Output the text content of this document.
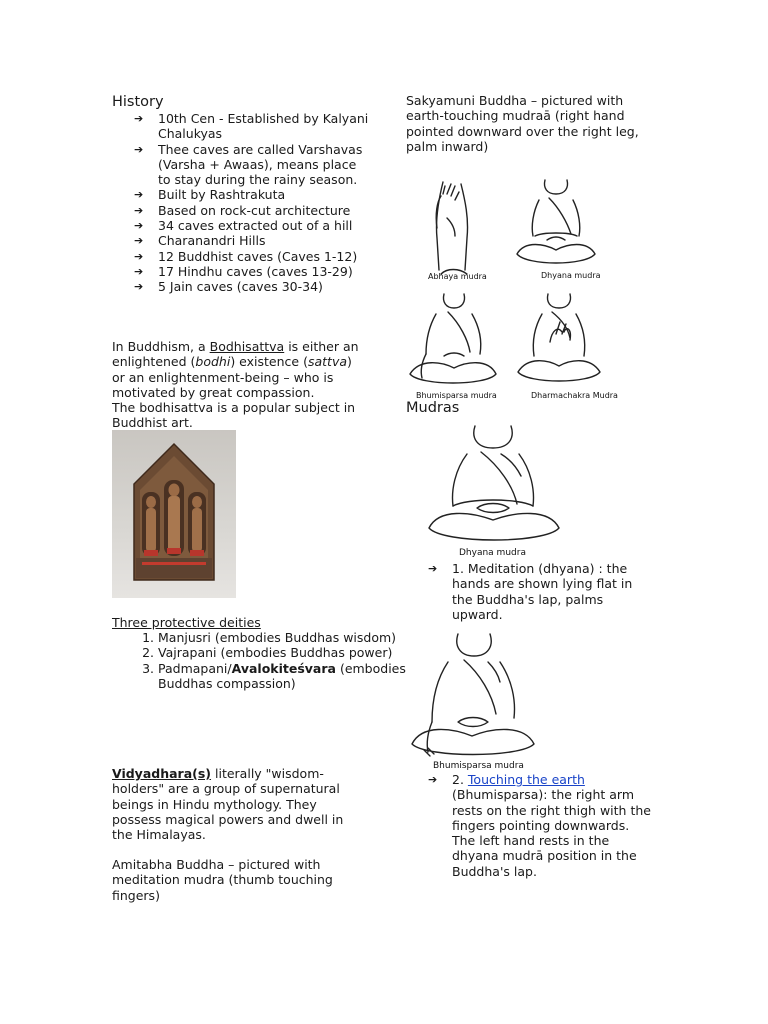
History
➔ 10th Cen - Established by Kalyani Chalukyas
➔ Thee caves are called Varshavas (Varsha + Awaas), means place to stay during the rainy season.
➔ Built by Rashtrakuta
➔ Based on rock-cut architecture
➔ 34 caves extracted out of a hill
➔ Charanandri Hills
➔ 12 Buddhist caves (Caves 1-12)
➔ 17 Hindhu caves (caves 13-29)
➔ 5 Jain caves (caves 30-34)
In Buddhism, a Bodhisattva is either an enlightened (bodhi) existence (sattva) or an enlightenment-being – who is motivated by great compassion.
The bodhisattva is a popular subject in Buddhist art.
Three protective deities
1. Manjusri (embodies Buddhas wisdom)
2. Vajrapani (embodies Buddhas power)
3. Padmapani/Avalokiteśvara (embodies Buddhas compassion)
Vidyadhara(s) literally "wisdom-holders" are a group of supernatural beings in Hindu mythology. They possess magical powers and dwell in the Himalayas.
Amitabha Buddha – pictured with meditation mudra (thumb touching fingers)
Sakyamuni Buddha – pictured with earth-touching mudraā (right hand pointed downward over the right leg, palm inward)
Abhaya mudra	Dhyana mudra
Bhumisparsa mudra	Dharmachakra Mudra
Mudras
Dhyana mudra
➔ 1. Meditation (dhyana) : the hands are shown lying flat in the Buddha's lap, palms upward.
Bhumisparsa mudra
➔ 2. Touching the earth (Bhumisparsa): the right arm rests on the right thigh with the fingers pointing downwards. The left hand rests in the dhyana mudrā position in the Buddha's lap.
